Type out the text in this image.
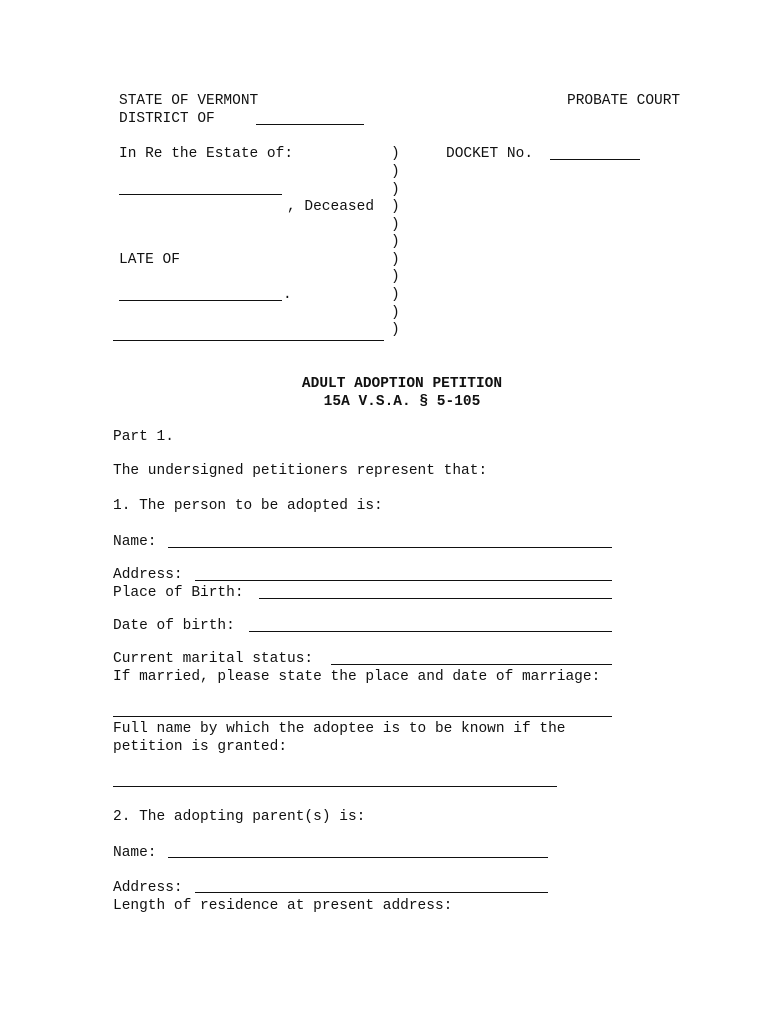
STATE OF VERMONT	PROBATE COURT
DISTRICT OF
In Re the Estate of:	DOCKET No.
, Deceased
LATE OF
.
)
)
)
)
)
)
)
)
)
)
)
ADULT ADOPTION PETITION
15A V.S.A. § 5-105
Part 1.
The undersigned petitioners represent that:
1. The person to be adopted is:
Name:
Address:
Place of Birth:
Date of birth:
Current marital status:
If married, please state the place and date of marriage:
Full name by which the adoptee is to be known if the
petition is granted:
2. The adopting parent(s) is:
Name:
Address:
Length of residence at present address:
